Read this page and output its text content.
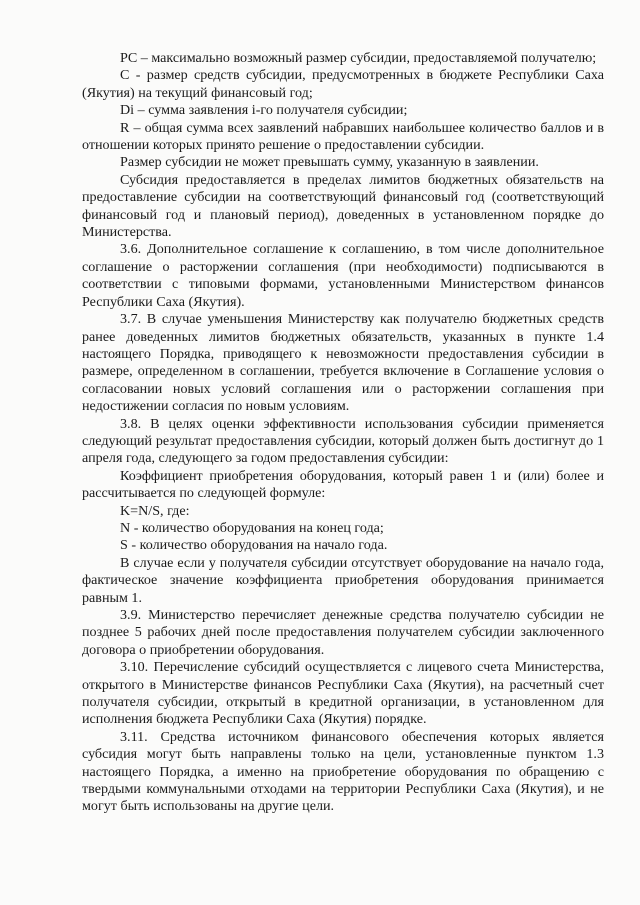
PC – максимально возможный размер субсидии, предоставляемой получателю;

C - размер средств субсидии, предусмотренных в бюджете Республики Саха (Якутия) на текущий финансовый год;

Di – сумма заявления i-го получателя субсидии;

R – общая сумма всех заявлений набравших наибольшее количество баллов и в отношении которых принято решение о предоставлении субсидии.

Размер субсидии не может превышать сумму, указанную в заявлении.

Субсидия предоставляется в пределах лимитов бюджетных обязательств на предоставление субсидии на соответствующий финансовый год (соответствующий финансовый год и плановый период), доведенных в установленном порядке до Министерства.

3.6. Дополнительное соглашение к соглашению, в том числе дополнительное соглашение о расторжении соглашения (при необходимости) подписываются в соответствии с типовыми формами, установленными Министерством финансов Республики Саха (Якутия).

3.7. В случае уменьшения Министерству как получателю бюджетных средств ранее доведенных лимитов бюджетных обязательств, указанных в пункте 1.4 настоящего Порядка, приводящего к невозможности предоставления субсидии в размере, определенном в соглашении, требуется включение в Соглашение условия о согласовании новых условий соглашения или о расторжении соглашения при недостижении согласия по новым условиям.

3.8. В целях оценки эффективности использования субсидии применяется следующий результат предоставления субсидии, который должен быть достигнут до 1 апреля года, следующего за годом предоставления субсидии:

Коэффициент приобретения оборудования, который равен 1 и (или) более и рассчитывается по следующей формуле:

K=N/S, где:

N - количество оборудования на конец года;

S - количество оборудования на начало года.

В случае если у получателя субсидии отсутствует оборудование на начало года, фактическое значение коэффициента приобретения оборудования принимается равным 1.

3.9. Министерство перечисляет денежные средства получателю субсидии не позднее 5 рабочих дней после предоставления получателем субсидии заключенного договора о приобретении оборудования.

3.10. Перечисление субсидий осуществляется с лицевого счета Министерства, открытого в Министерстве финансов Республики Саха (Якутия), на расчетный счет получателя субсидии, открытый в кредитной организации, в установленном для исполнения бюджета Республики Саха (Якутия) порядке.

3.11. Средства источником финансового обеспечения которых является субсидия могут быть направлены только на цели, установленные пунктом 1.3 настоящего Порядка, а именно на приобретение оборудования по обращению с твердыми коммунальными отходами на территории Республики Саха (Якутия), и не могут быть использованы на другие цели.
